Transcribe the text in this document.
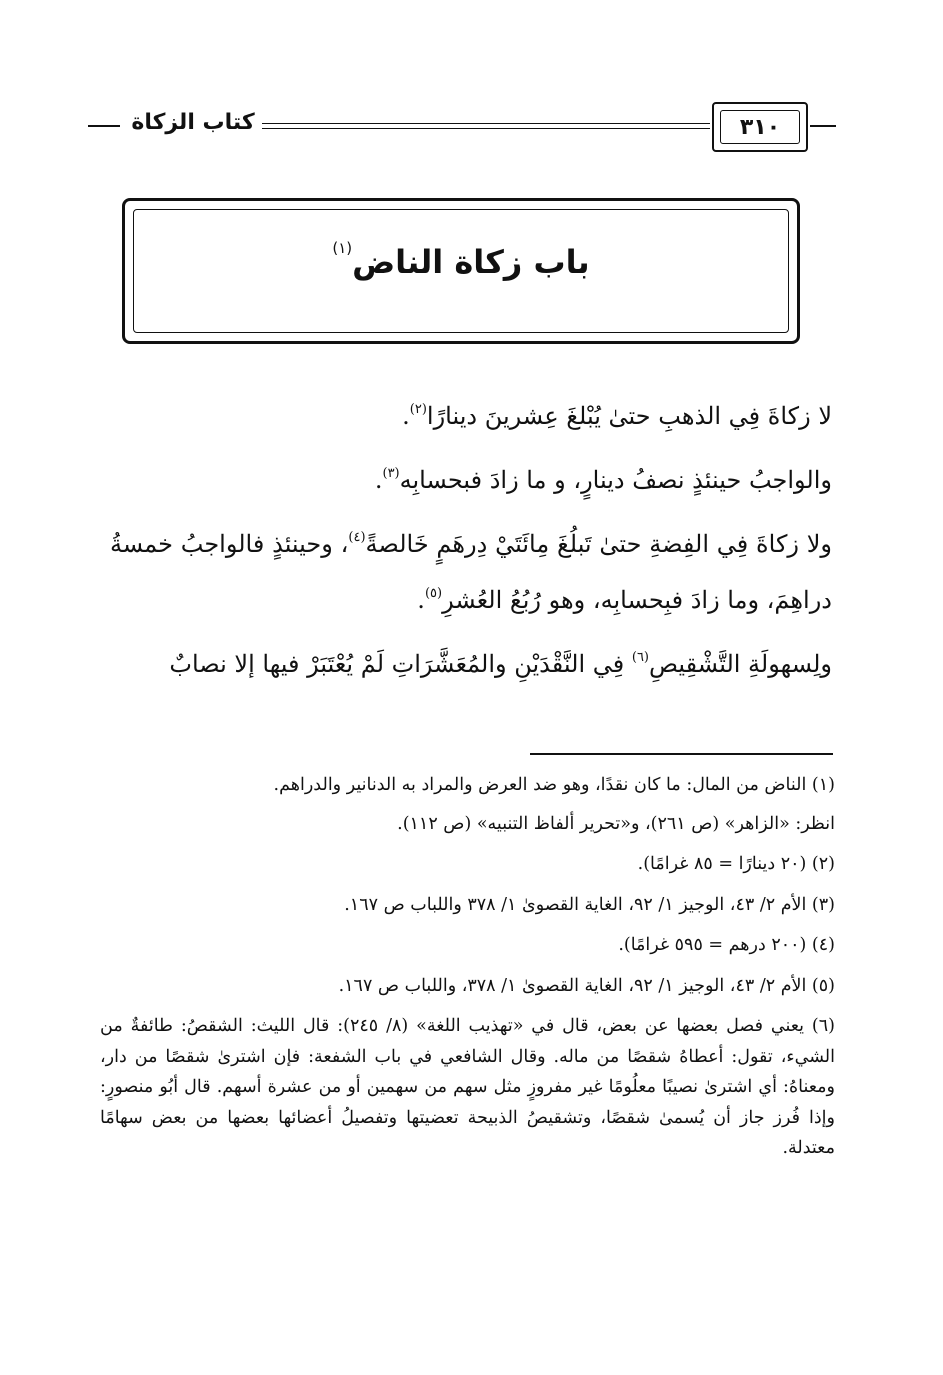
٣١٠
كتاب الزكاة
باب زكاة الناض$^{(١)}$

لا زكاةَ فِي الذهبِ حتىٰ يُبْلغَ عِشرينَ دينارًا$^{(٢)}$.

والواجبُ حينئذٍ نصفُ دينارٍ، و ما زادَ فبحسابِه$^{(٣)}$.

ولا زكاةَ فِي الفِضةِ حتىٰ تَبلُغَ مِائَتَيْ دِرهَمٍ خَالصةً$^{(٤)}$، وحينئذٍ فالواجبُ خمسةُ دراهِمَ، وما زادَ فبِحسابِه، وهو رُبُعُ العُشرِ$^{(٥)}$.

ولِسهولَةِ التَّشْقِيصِ$^{(٦)}$ فِي النَّقْدَيْنِ والمُعَشَّرَاتِ لَمْ يُعْتَبَرْ فيها إلا نصابٌ

(١) الناض من المال: ما كان نقدًا، وهو ضد العرض والمراد به الدنانير والدراهم.

انظر: «الزاهر» (ص ٢٦١)، و«تحرير ألفاظ التنبيه» (ص ١١٢).

(٢) (٢٠ دينارًا = ٨٥ غرامًا).

(٣) الأم ٢/ ٤٣، الوجيز ١/ ٩٢، الغاية القصوىٰ ١/ ٣٧٨ واللباب ص ١٦٧.

(٤) (٢٠٠ درهم = ٥٩٥ غرامًا).

(٥) الأم ٢/ ٤٣، الوجيز ١/ ٩٢، الغاية القصوىٰ ١/ ٣٧٨، واللباب ص ١٦٧.

(٦) يعني فصل بعضها عن بعض، قال في «تهذيب اللغة» (٨/ ٢٤٥): قال الليث: الشقصُ: طائفةٌ من الشيء، تقول: أعطاهُ شقصًا من ماله. وقال الشافعي في باب الشفعة: فإن اشترىٰ شقصًا من دار، ومعناهُ: أي اشترىٰ نصيبًا معلُومًا غير مفروزٍ مثل سهم من سهمين أو من عشرة أسهم. قال أبُو منصورٍ: وإذا فُرز جاز أن يُسمىٰ شقصًا، وتشقيصُ الذبيحة تعضيتها وتفصيلُ أعضائها بعضها من بعض سهامًا معتدلة.
